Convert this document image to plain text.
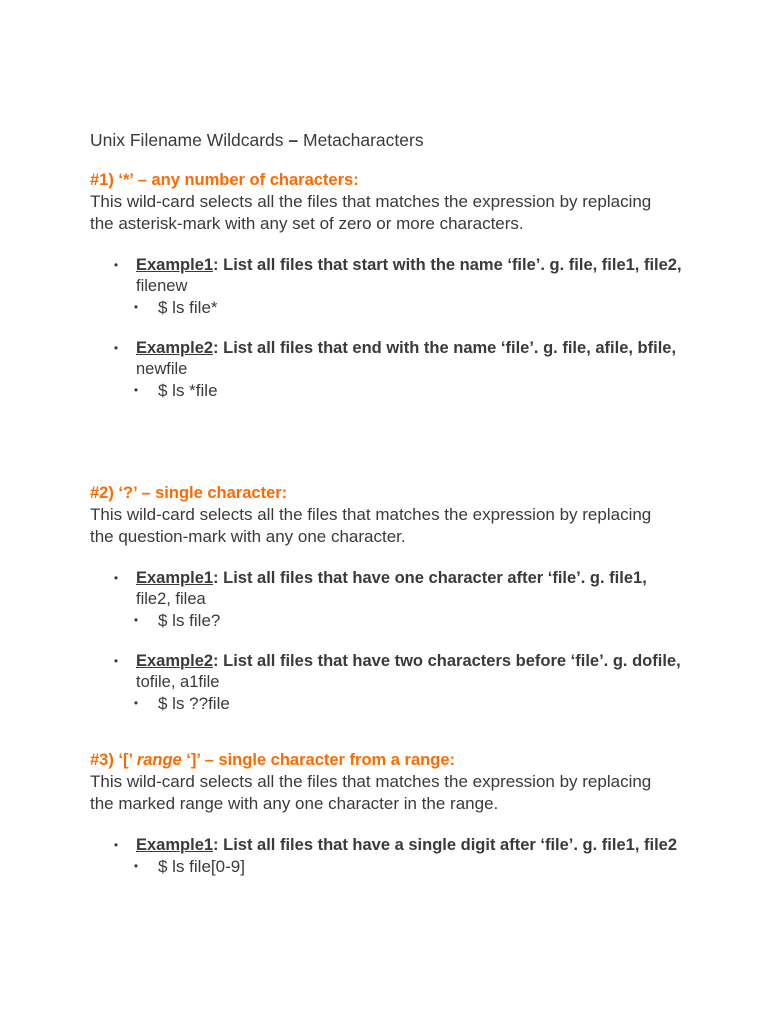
Unix Filename Wildcards – Metacharacters
#1) ‘*’ – any number of characters:
This wild-card selects all the files that matches the expression by replacing
the asterisk-mark with any set of zero or more characters.
• Example1: List all files that start with the name ‘file’. g. file, file1, file2,
filenew
• $ ls file*
• Example2: List all files that end with the name ‘file’. g. file, afile, bfile,
newfile
• $ ls *file
#2) ‘?’ – single character:
This wild-card selects all the files that matches the expression by replacing
the question-mark with any one character.
• Example1: List all files that have one character after ‘file’. g. file1,
file2, filea
• $ ls file?
• Example2: List all files that have two characters before ‘file’. g. dofile,
tofile, a1file
• $ ls ??file
#3) ‘[’ range ‘]’ – single character from a range:
This wild-card selects all the files that matches the expression by replacing
the marked range with any one character in the range.
• Example1: List all files that have a single digit after ‘file’. g. file1, file2
• $ ls file[0-9]
